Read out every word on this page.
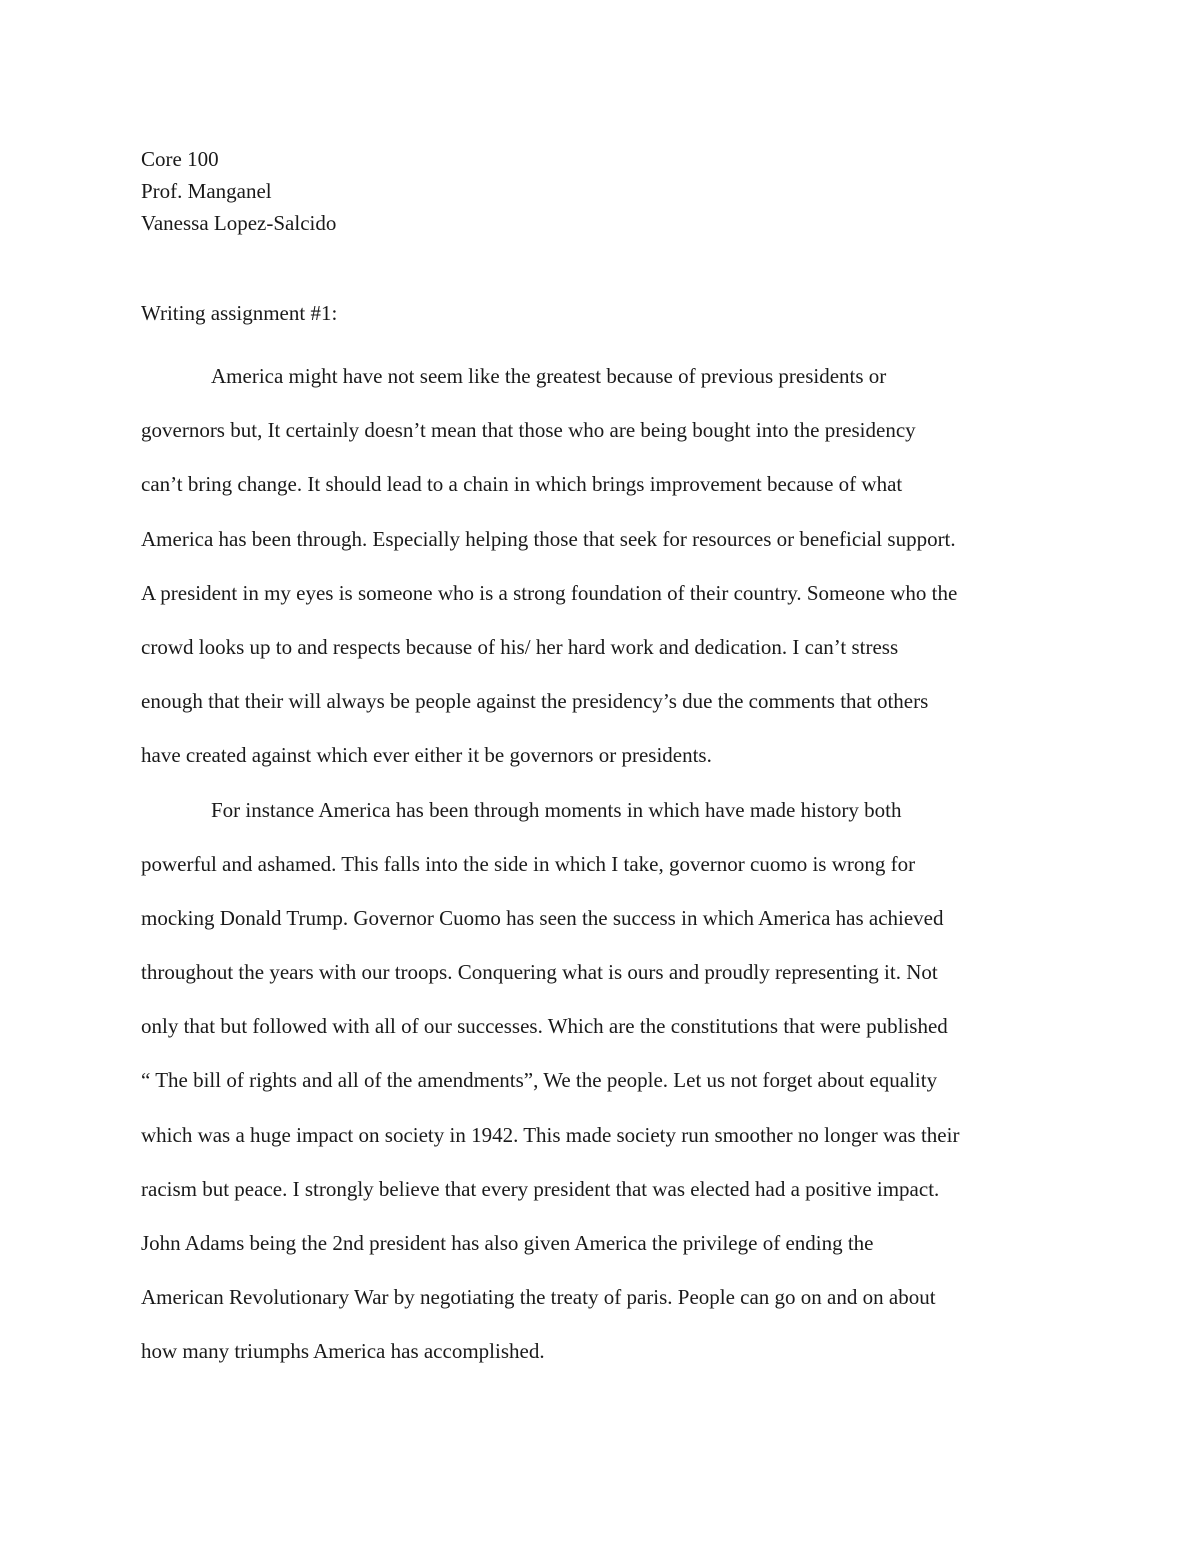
Core 100
Prof. Manganel
Vanessa Lopez-Salcido
Writing assignment #1:
America might have not seem like the greatest because of previous presidents or
governors but, It certainly doesn’t mean that those who are being bought into the presidency
can’t bring change. It should lead to a chain in which brings improvement because of what
America has been through. Especially helping those that seek for resources or beneficial support.
A president in my eyes is someone who is a strong foundation of their country. Someone who the
crowd looks up to and respects because of his/ her hard work and dedication. I can’t stress
enough that their will always be people against the presidency’s due the comments that others
have created against which ever either it be governors or presidents.
For instance America has been through moments in which have made history both
powerful and ashamed. This falls into the side in which I take, governor cuomo is wrong for
mocking Donald Trump. Governor Cuomo has seen the success in which America has achieved
throughout the years with our troops. Conquering what is ours and proudly representing it. Not
only that but followed with all of our successes. Which are the constitutions that were published
“ The bill of rights and all of the amendments”, We the people. Let us not forget about equality
which was a huge impact on society in 1942. This made society run smoother no longer was their
racism but peace. I strongly believe that every president that was elected had a positive impact.
John Adams being the 2nd president has also given America the privilege of ending the
American Revolutionary War by negotiating the treaty of paris. People can go on and on about
how many triumphs America has accomplished.
